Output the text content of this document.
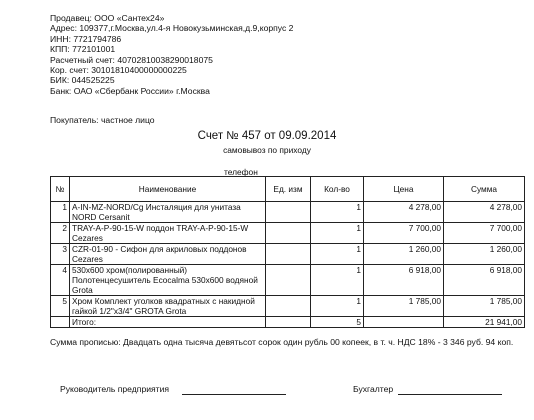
Продавец: ООО «Сантех24»
Адрес: 109377,г.Москва,ул.4-я Новокузьминская,д.9,корпус 2
ИНН: 7721794786
КПП: 772101001
Расчетный счет: 40702810038290018075
Кор. счет: 30101810400000000225
БИК: 044525225
Банк: ОАО «Сбербанк России» г.Москва
Покупатель: частное лицо
Счет № 457 от 09.09.2014
самовывоз по приходу
телефон
№	Наименование	Ед. изм	Кол-во	Цена	Сумма
1	A-IN-MZ-NORD/Cg Инсталяция для унитаза NORD Cersanit		1	4 278,00	4 278,00
2	TRAY-A-P-90-15-W поддон TRAY-A-P-90-15-W Cezares		1	7 700,00	7 700,00
3	CZR-01-90 - Сифон для акриловых поддонов Cezares		1	1 260,00	1 260,00
4	530x600 хром(полированный) Полотенцесушитель Ecocalma 530x600 водяной Grota		1	6 918,00	6 918,00
5	Хром Комплект уголков квадратных с накидной гайкой 1/2"x3/4" GROTA Grota		1	1 785,00	1 785,00
	Итого:		5		21 941,00
Сумма прописью: Двадцать одна тысяча девятьсот сорок один рубль 00 копеек, в т. ч. НДС 18% - 3 346 руб. 94 коп.
Руководитель предприятия	Бухгалтер
